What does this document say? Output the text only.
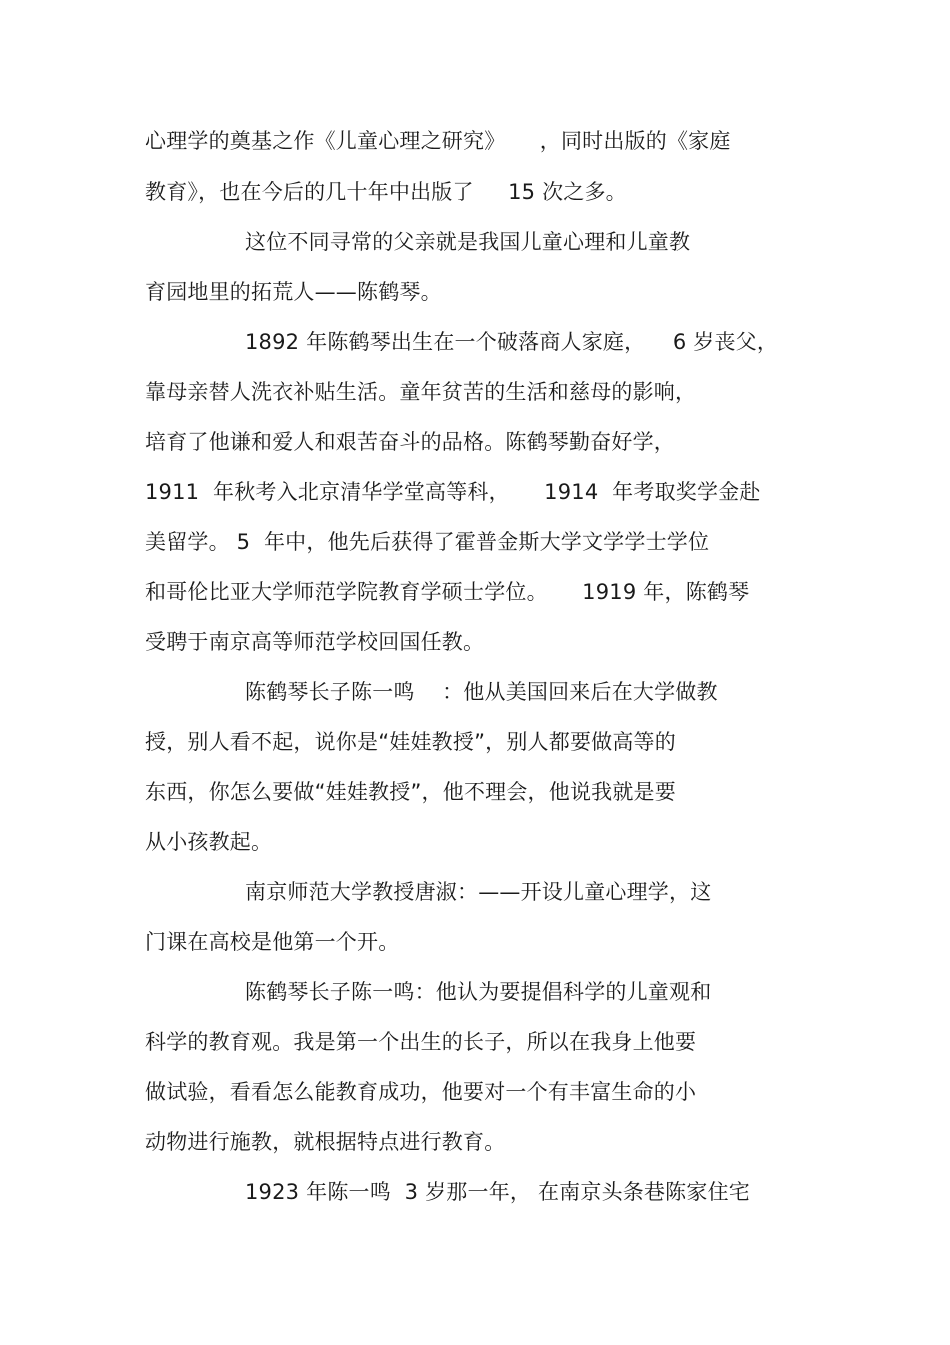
心理学的奠基之作《儿童心理之研究》     ，同时出版的《家庭
教育》，也在今后的几十年中出版了     15 次之多。
这位不同寻常的父亲就是我国儿童心理和儿童教
育园地里的拓荒人——陈鹤琴。
1892 年陈鹤琴出生在一个破落商人家庭，    6 岁丧父，
靠母亲替人洗衣补贴生活。童年贫苦的生活和慈母的影响，
培育了他谦和爱人和艰苦奋斗的品格。陈鹤琴勤奋好学，
1911  年秋考入北京清华学堂高等科，     1914  年考取奖学金赴
美留学。 5  年中，他先后获得了霍普金斯大学文学学士学位
和哥伦比亚大学师范学院教育学硕士学位。     1919 年，陈鹤琴
受聘于南京高等师范学校回国任教。
陈鹤琴长子陈一鸣    ：他从美国回来后在大学做教
授，别人看不起，说你是“娃娃教授”，别人都要做高等的
东西，你怎么要做“娃娃教授”，他不理会，他说我就是要
从小孩教起。
南京师范大学教授唐淑：——开设儿童心理学，这
门课在高校是他第一个开。
陈鹤琴长子陈一鸣：他认为要提倡科学的儿童观和
科学的教育观。我是第一个出生的长子，所以在我身上他要
做试验，看看怎么能教育成功，他要对一个有丰富生命的小
动物进行施教，就根据特点进行教育。
1923 年陈一鸣  3 岁那一年， 在南京头条巷陈家住宅
